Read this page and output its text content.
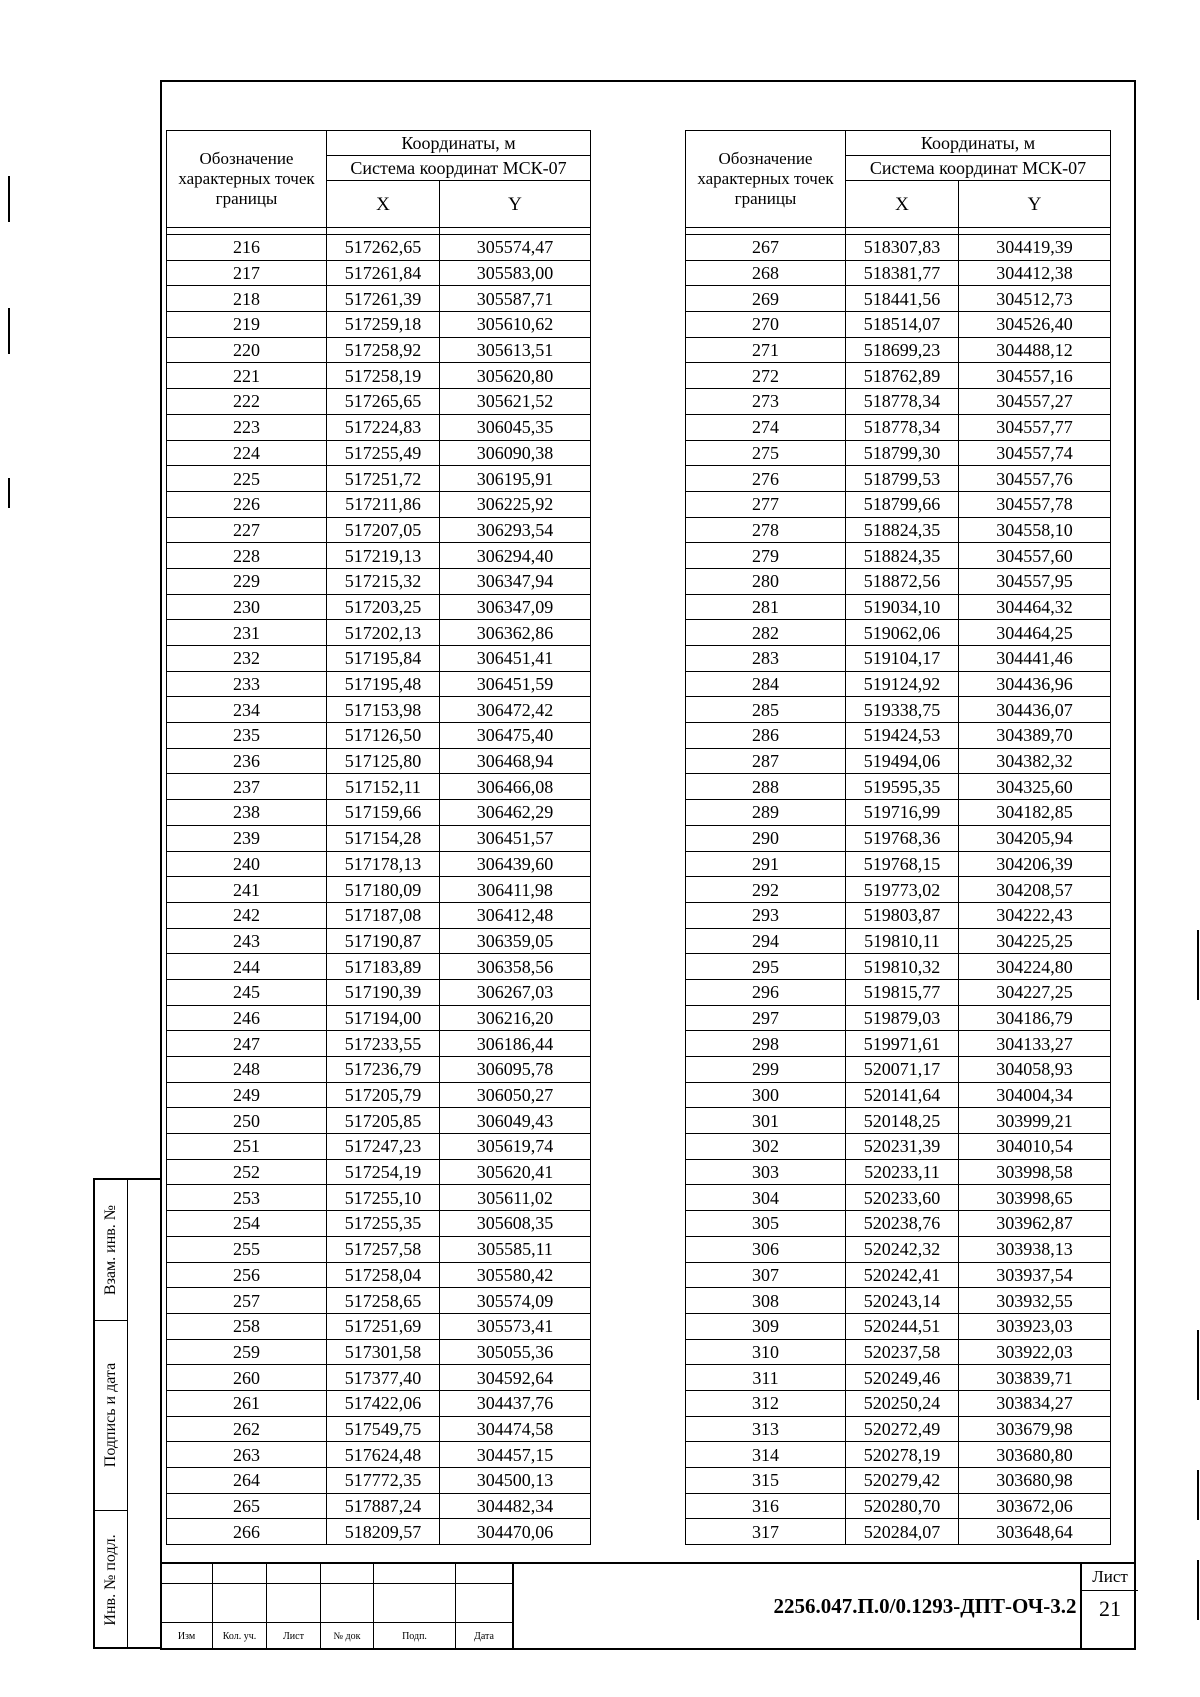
Обозначение характерных точек границы	Координаты, м	
	Система координат МСК-07	
	X	Y

216	517262,65	305574,47
217	517261,84	305583,00
218	517261,39	305587,71
219	517259,18	305610,62
220	517258,92	305613,51
221	517258,19	305620,80
222	517265,65	305621,52
223	517224,83	306045,35
224	517255,49	306090,38
225	517251,72	306195,91
226	517211,86	306225,92
227	517207,05	306293,54
228	517219,13	306294,40
229	517215,32	306347,94
230	517203,25	306347,09
231	517202,13	306362,86
232	517195,84	306451,41
233	517195,48	306451,59
234	517153,98	306472,42
235	517126,50	306475,40
236	517125,80	306468,94
237	517152,11	306466,08
238	517159,66	306462,29
239	517154,28	306451,57
240	517178,13	306439,60
241	517180,09	306411,98
242	517187,08	306412,48
243	517190,87	306359,05
244	517183,89	306358,56
245	517190,39	306267,03
246	517194,00	306216,20
247	517233,55	306186,44
248	517236,79	306095,78
249	517205,79	306050,27
250	517205,85	306049,43
251	517247,23	305619,74
252	517254,19	305620,41
253	517255,10	305611,02
254	517255,35	305608,35
255	517257,58	305585,11
256	517258,04	305580,42
257	517258,65	305574,09
258	517251,69	305573,41
259	517301,58	305055,36
260	517377,40	304592,64
261	517422,06	304437,76
262	517549,75	304474,58
263	517624,48	304457,15
264	517772,35	304500,13
265	517887,24	304482,34
266	518209,57	304470,06
Обозначение характерных точек границы	Координаты, м	
	Система координат МСК-07	
	X	Y

267	518307,83	304419,39
268	518381,77	304412,38
269	518441,56	304512,73
270	518514,07	304526,40
271	518699,23	304488,12
272	518762,89	304557,16
273	518778,34	304557,27
274	518778,34	304557,77
275	518799,30	304557,74
276	518799,53	304557,76
277	518799,66	304557,78
278	518824,35	304558,10
279	518824,35	304557,60
280	518872,56	304557,95
281	519034,10	304464,32
282	519062,06	304464,25
283	519104,17	304441,46
284	519124,92	304436,96
285	519338,75	304436,07
286	519424,53	304389,70
287	519494,06	304382,32
288	519595,35	304325,60
289	519716,99	304182,85
290	519768,36	304205,94
291	519768,15	304206,39
292	519773,02	304208,57
293	519803,87	304222,43
294	519810,11	304225,25
295	519810,32	304224,80
296	519815,77	304227,25
297	519879,03	304186,79
298	519971,61	304133,27
299	520071,17	304058,93
300	520141,64	304004,34
301	520148,25	303999,21
302	520231,39	304010,54
303	520233,11	303998,58
304	520233,60	303998,65
305	520238,76	303962,87
306	520242,32	303938,13
307	520242,41	303937,54
308	520243,14	303932,55
309	520244,51	303923,03
310	520237,58	303922,03
311	520249,46	303839,71
312	520250,24	303834,27
313	520272,49	303679,98
314	520278,19	303680,80
315	520279,42	303680,98
316	520280,70	303672,06
317	520284,07	303648,64
Взам. инв. №
Подпись и дата
Инв. № подл.

Изм	Кол. уч.	Лист	№ док	Подп.	Дата
2256.047.П.0/0.1293-ДПТ-ОЧ-3.2
Лист
21
